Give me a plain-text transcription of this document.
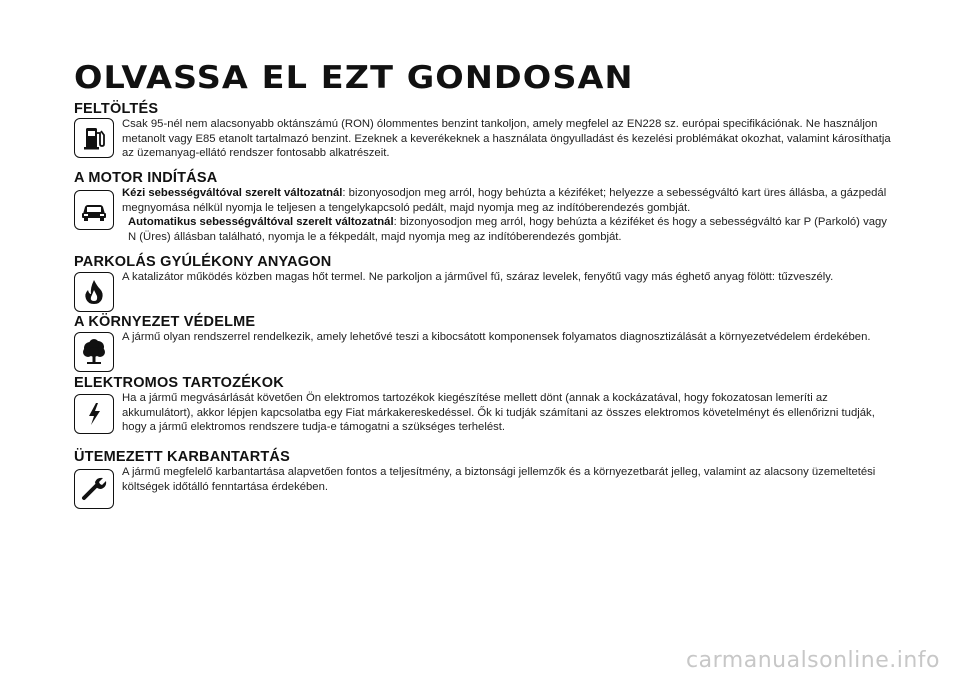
OLVASSA EL EZT GONDOSAN
FELTÖLTÉS

Csak 95-nél nem alacsonyabb oktánszámú (RON) ólommentes benzint tankoljon, amely megfelel az EN228 sz. európai specifikációnak. Ne használjon metanolt vagy E85 etanolt tartalmazó benzint. Ezeknek a keverékeknek a használata öngyulladást és kezelési problémákat okozhat, valamint károsíthatja az üzemanyag-ellátó rendszer fontosabb alkatrészeit.

A MOTOR INDÍTÁSA

Kézi sebességváltóval szerelt változatnál: bizonyosodjon meg arról, hogy behúzta a kéziféket; helyezze a sebességváltó kart üres állásba, a gázpedál megnyomása nélkül nyomja le teljesen a tengelykapcsoló pedált, majd nyomja meg az indítóberendezés gombját.

Automatikus sebességváltóval szerelt változatnál: bizonyosodjon meg arról, hogy behúzta a kéziféket és hogy a sebességváltó kar P (Parkoló) vagy N (Üres) állásban található, nyomja le a fékpedált, majd nyomja meg az indítóberendezés gombját.

PARKOLÁS GYÚLÉKONY ANYAGON

A katalizátor működés közben magas hőt termel. Ne parkoljon a járművel fű, száraz levelek, fenyőtű vagy más éghető anyag fölött: tűzveszély.

A KÖRNYEZET VÉDELME

A jármű olyan rendszerrel rendelkezik, amely lehetővé teszi a kibocsátott komponensek folyamatos diagnosztizálását a környezetvédelem érdekében.

ELEKTROMOS TARTOZÉKOK

Ha a jármű megvásárlását követően Ön elektromos tartozékok kiegészítése mellett dönt (annak a kockázatával, hogy fokozatosan lemeríti az akkumulátort), akkor lépjen kapcsolatba egy Fiat márkakereskedéssel. Ők ki tudják számítani az összes elektromos követelményt és ellenőrizni tudják, hogy a jármű elektromos rendszere tudja-e támogatni a szükséges terhelést.

ÜTEMEZETT KARBANTARTÁS

A jármű megfelelő karbantartása alapvetően fontos a teljesítmény, a biztonsági jellemzők és a környezetbarát jelleg, valamint az alacsony üzemeltetési költségek időtálló fenntartása érdekében.

carmanualsonline.info
